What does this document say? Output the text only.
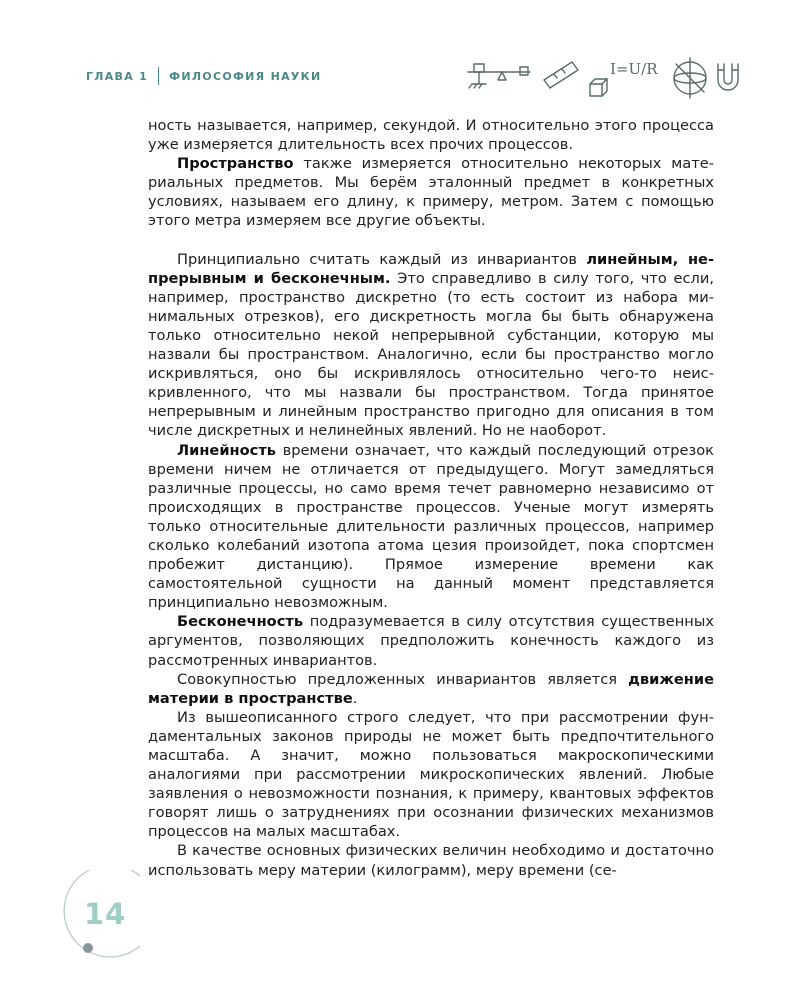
ГЛАВА 1 ФИЛОСОФИЯ НАУКИ	I=U/R

ность называется, например, секундой. И относительно этого процесса уже измеряется длительность всех прочих процессов.

Пространство также измеряется относительно некоторых материальных предметов. Мы берём эталонный предмет в конкретных условиях, называем его длину, к примеру, метром. Затем с помощью этого метра измеряем все другие объекты.

Принципиально считать каждый из инвариантов линейным, непрерывным и бесконечным. Это справедливо в силу того, что если, например, пространство дискретно (то есть состоит из набора минимальных отрезков), его дискретность могла бы быть обнаружена только относительно некой непрерывной субстанции, которую мы назвали бы пространством. Аналогично, если бы пространство могло искривляться, оно бы искривлялось относительно чего-то неискривленного, что мы назвали бы пространством. Тогда принятое непрерывным и линейным пространство пригодно для описания в том числе дискретных и нелинейных явлений. Но не наоборот.

Линейность времени означает, что каждый последующий отрезок времени ничем не отличается от предыдущего. Могут замедляться различные процессы, но само время течет равномерно независимо от происходящих в пространстве процессов. Ученые могут измерять только относительные длительности различных процессов, например сколько колебаний изотопа атома цезия произойдет, пока спортсмен пробежит дистанцию). Прямое измерение времени как самостоятельной сущности на данный момент представляется принципиально невозможным.

Бесконечность подразумевается в силу отсутствия существенных аргументов, позволяющих предположить конечность каждого из рассмотренных инвариантов.

Совокупностью предложенных инвариантов является движение материи в пространстве.

Из вышеописанного строго следует, что при рассмотрении фундаментальных законов природы не может быть предпочтительного масштаба. А значит, можно пользоваться макроскопическими аналогиями при рассмотрении микроскопических явлений. Любые заявления о невозможности познания, к примеру, квантовых эффектов говорят лишь о затруднениях при осознании физических механизмов процессов на малых масштабах.

В качестве основных физических величин необходимо и достаточно использовать меру материи (килограмм), меру времени (се-

14
